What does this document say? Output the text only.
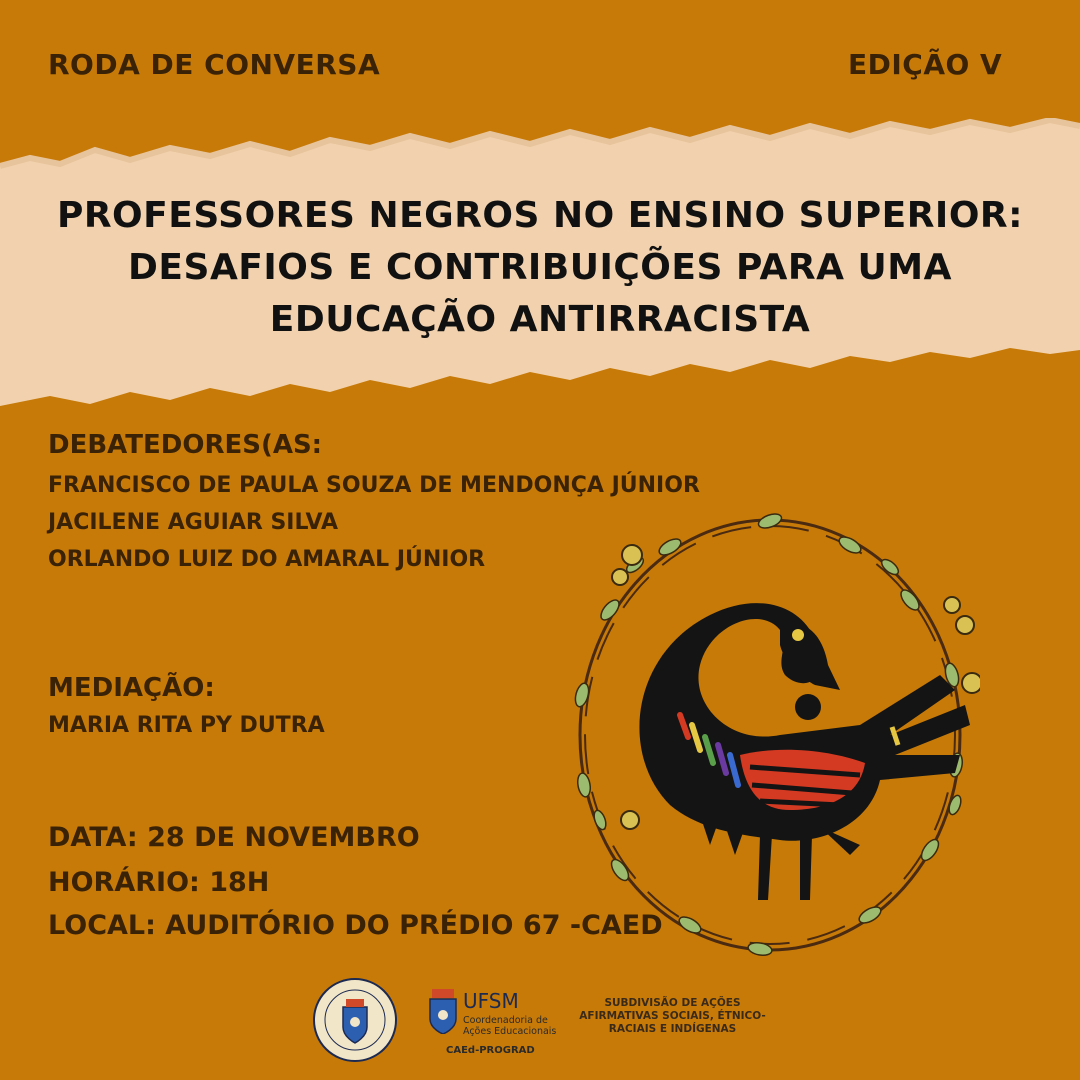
RODA DE CONVERSA	EDIÇÃO V
PROFESSORES NEGROS NO ENSINO SUPERIOR:
DESAFIOS E CONTRIBUIÇÕES PARA UMA
EDUCAÇÃO ANTIRRACISTA
DEBATEDORES(AS:
FRANCISCO DE PAULA SOUZA DE MENDONÇA JÚNIOR
JACILENE AGUIAR SILVA
ORLANDO LUIZ DO AMARAL JÚNIOR
MEDIAÇÃO:
MARIA RITA PY DUTRA
DATA: 28 DE NOVEMBRO
HORÁRIO: 18H
LOCAL: AUDITÓRIO DO PRÉDIO 67 -CAED
UFSM
Coordenadoria de
Ações Educacionais
CAEd-PROGRAD
SUBDIVISÃO DE AÇÕES
AFIRMATIVAS SOCIAIS, ÉTNICO-
RACIAIS E INDÍGENAS
